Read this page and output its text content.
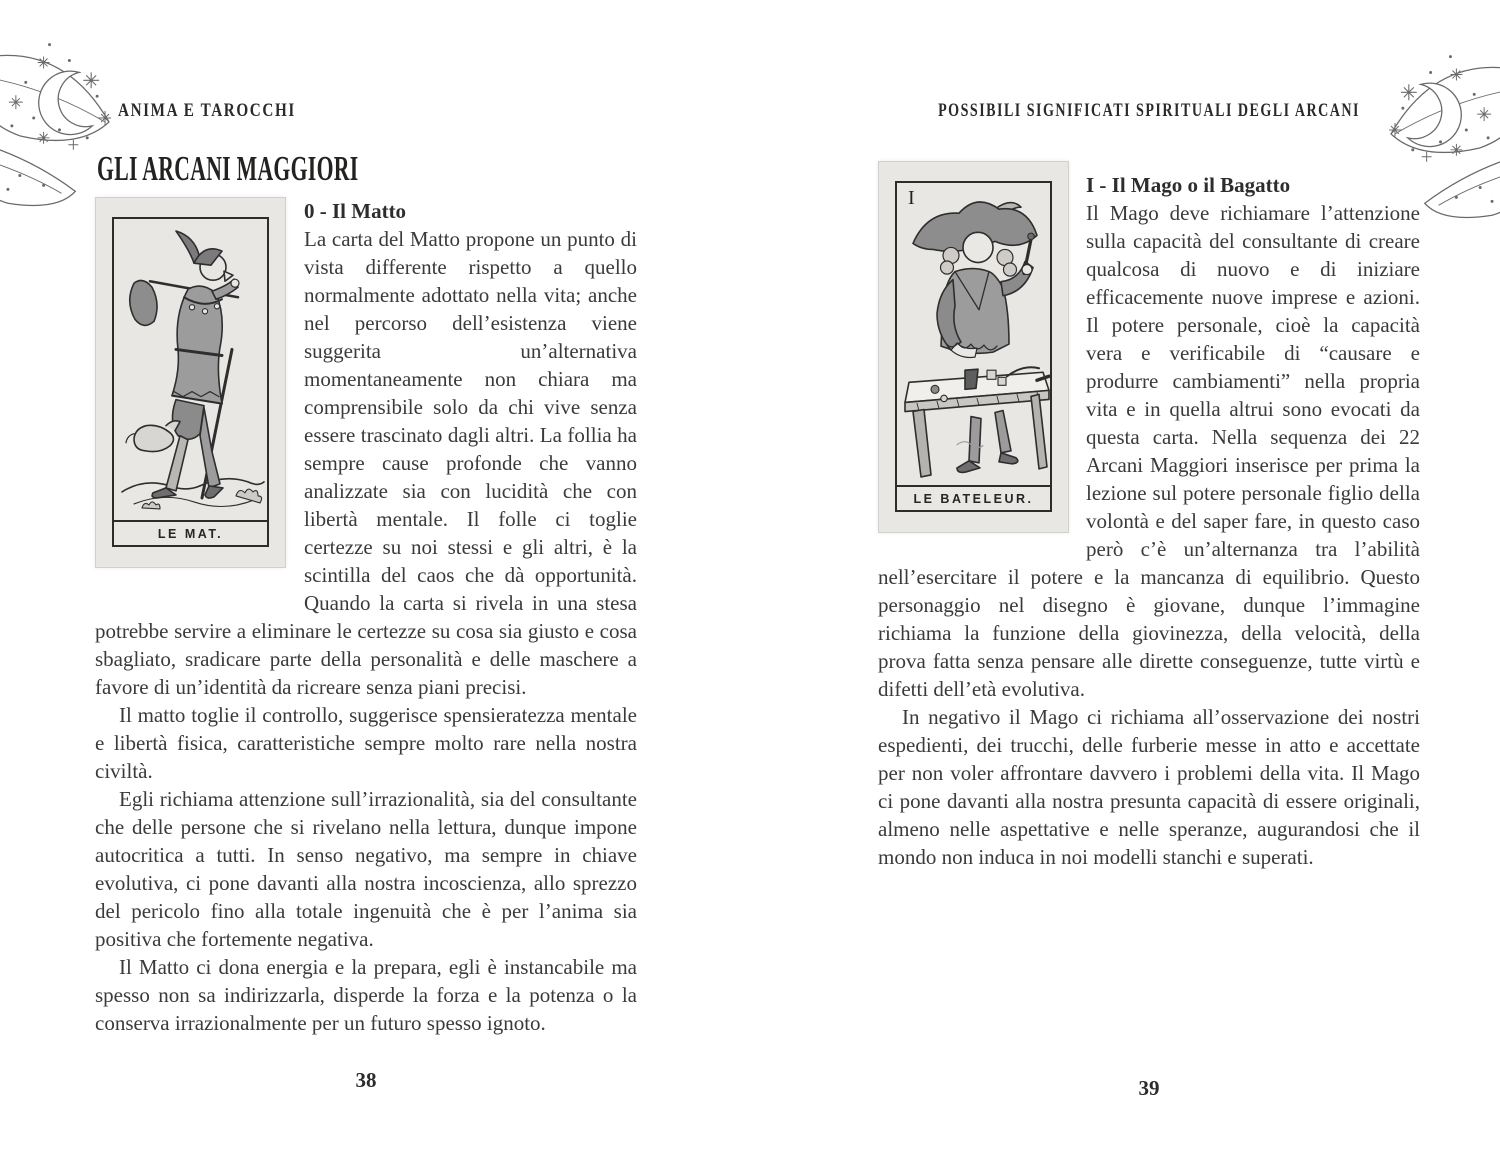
ANIMA E TAROCCHI	POSSIBILI SIGNIFICATI SPIRITUALI DEGLI ARCANI
GLI ARCANI MAGGIORI
LE MAT.
0 - Il Matto

La carta del Matto propone un punto di vista differente rispetto a quello normalmente adottato nella vita; anche nel percorso dell’esistenza viene suggerita un’alternativa momentaneamente non chiara ma comprensibile solo da chi vive senza essere trascinato dagli altri. La follia ha sempre cause profonde che vanno analizzate sia con lucidità che con libertà mentale. Il folle ci toglie certezze su noi stessi e gli altri, è la scintilla del caos che dà opportunità. Quando la carta si rivela in una stesa potrebbe servire a eliminare le certezze su cosa sia giusto e cosa sbagliato, sradicare parte della personalità e delle maschere a favore di un’identità da ricreare senza piani precisi.

Il matto toglie il controllo, suggerisce spensieratezza mentale e libertà fisica, caratteristiche sempre molto rare nella nostra civiltà.

Egli richiama attenzione sull’irrazionalità, sia del consultante che delle persone che si rivelano nella lettura, dunque impone autocritica a tutti. In senso negativo, ma sempre in chiave evolutiva, ci pone davanti alla nostra incoscienza, allo sprezzo del pericolo fino alla totale ingenuità che è per l’anima sia positiva che fortemente negativa.

Il Matto ci dona energia e la prepara, egli è instancabile ma spesso non sa indirizzarla, disperde la forza e la potenza o la conserva irrazionalmente per un futuro spesso ignoto.

I
LE BATELEUR.
I - Il Mago o il Bagatto

Il Mago deve richiamare l’attenzione sulla capacità del consultante di creare qualcosa di nuovo e di iniziare efficacemente nuove imprese e azioni. Il potere personale, cioè la capacità vera e verificabile di “causare e produrre cambiamenti” nella propria vita e in quella altrui sono evocati da questa carta. Nella sequenza dei 22 Arcani Maggiori inserisce per prima la lezione sul potere personale figlio della volontà e del saper fare, in questo caso però c’è un’alternanza tra l’abilità nell’esercitare il potere e la mancanza di equilibrio. Questo personaggio nel disegno è giovane, dunque l’immagine richiama la funzione della giovinezza, della velocità, della prova fatta senza pensare alle dirette conseguenze, tutte virtù e difetti dell’età evolutiva.

In negativo il Mago ci richiama all’osservazione dei nostri espedienti, dei trucchi, delle furberie messe in atto e accettate per non voler affrontare davvero i problemi della vita. Il Mago ci pone davanti alla nostra presunta capacità di essere originali, almeno nelle aspettative e nelle speranze, augurandosi che il mondo non induca in noi modelli stanchi e superati.

38	39
